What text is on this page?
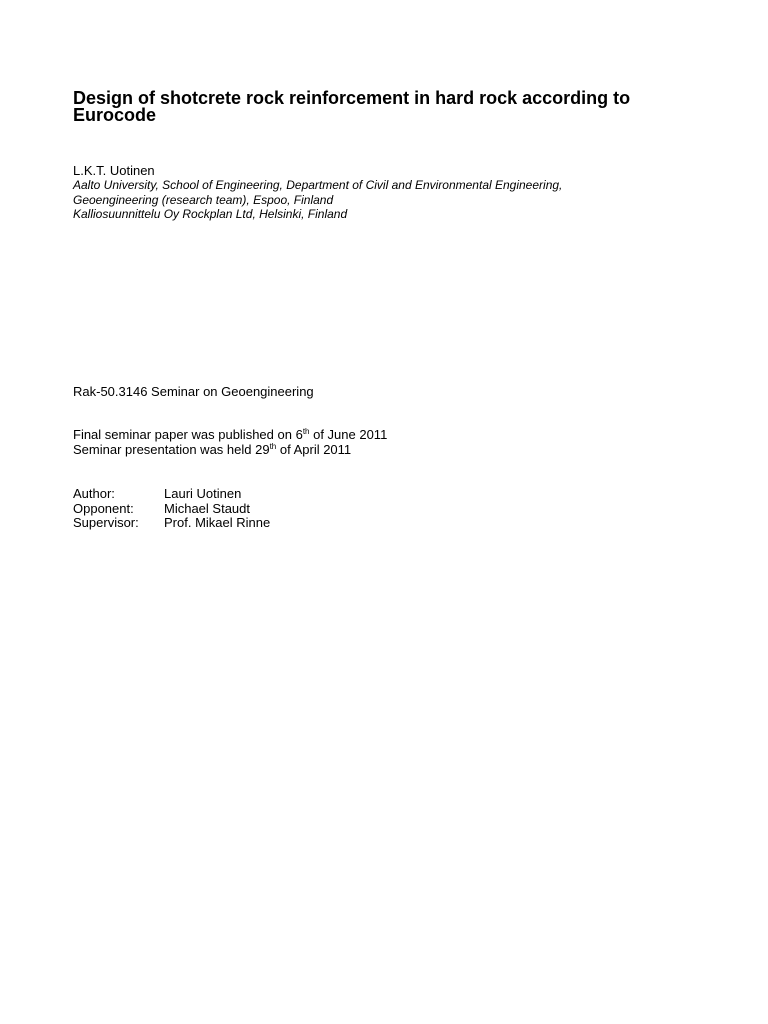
Design of shotcrete rock reinforcement in hard rock according to Eurocode
L.K.T. Uotinen
Aalto University, School of Engineering, Department of Civil and Environmental Engineering,
Geoengineering (research team), Espoo, Finland
Kalliosuunnittelu Oy Rockplan Ltd, Helsinki, Finland
Rak-50.3146 Seminar on Geoengineering
Final seminar paper was published on 6th of June 2011
Seminar presentation was held 29th of April 2011
Author:	Lauri Uotinen
Opponent:	Michael Staudt
Supervisor:	Prof. Mikael Rinne
